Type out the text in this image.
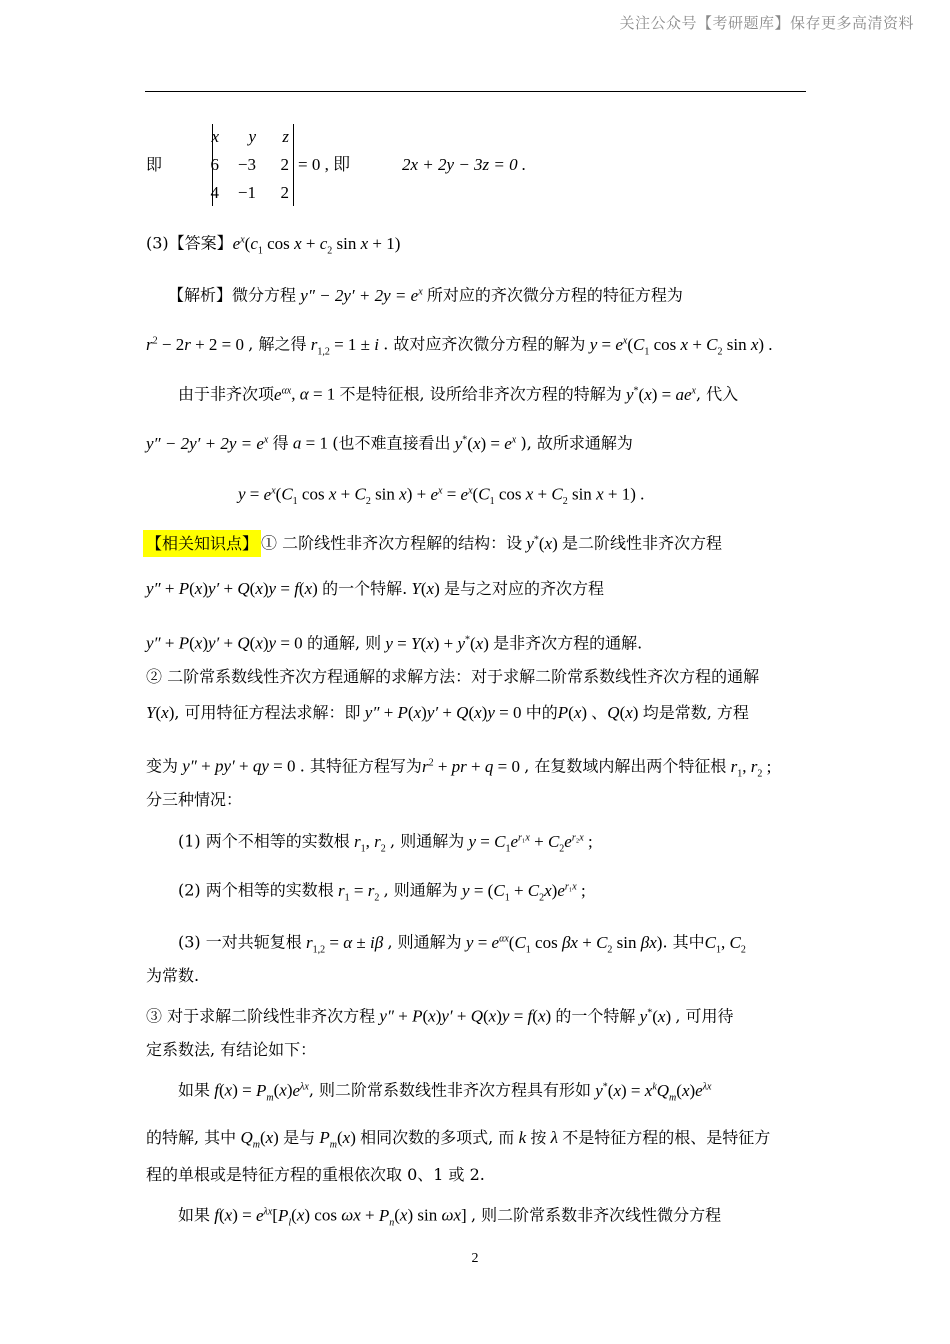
关注公众号【考研题库】保存更多高清资料
即
x	y	z
6 −3	2
4 −1	2
= 0 , 即	2x + 2y − 3z = 0 .
(3)【答案】$e^x(c_1$ $\cos x + c_2$ sin x + 1)
【解析】微分方程 $y'' - 2y' + 2y = e^x$ 所对应的齐次微分方程的特征方程为
$r^2 - 2r + 2 = 0$ , 解之得 $r_{1,2} = 1 \pm i$ . 故对应齐次微分方程的解为 $y = e^x(C_1$ $\cos x + C_2$ sin x) .
由于非齐次项$e^{\alpha x}$, α = 1 不是特征根, 设所给非齐次方程的特解为 $y^*(x) = ae^x$, 代入
$y'' - 2y' + 2y = e^x$ 得 a = 1 (也不难直接看出 $y^*(x) = e^x$ ), 故所求通解为
$y = e^x(C_1$ $\cos x + C_2$ $\sin x) + e^x = e^x(C_1$ $\cos x + C_2$ sin x + 1) .
【相关知识点】 ① 二阶线性非齐次方程解的结构：设 y*(x) 是二阶线性非齐次方程
y″ + P(x)y′ + Q(x)y = f(x) 的一个特解. Y(x) 是与之对应的齐次方程
y″ + P(x)y′ + Q(x)y = 0 的通解, 则 y = Y(x) + y*(x) 是非齐次方程的通解.
② 二阶常系数线性齐次方程通解的求解方法：对于求解二阶常系数线性齐次方程的通解
Y(x), 可用特征方程法求解：即 y″ + P(x)y′ + Q(x)y = 0 中的P(x) 、Q(x) 均是常数, 方程
变为 y″ + py′ + qy = 0 . 其特征方程写为$r^2$ + pr + q = 0 , 在复数域内解出两个特征根 $r_1$, $r_2$ ;
分三种情况：
(1) 两个不相等的实数根 $r_1$, $r_2$ , 则通解为 $y = C_1e^{r_1x} + C_2e^{r_2x}$ ;
(2) 两个相等的实数根 $r_1 = r_2$ , 则通解为 $y = (C_1 + C_2x)e^{r_1x}$ ;
(3) 一对共轭复根 $r_{1,2} = \alpha \pm i\beta$ , 则通解为 $y = e^{\alpha x}(C_1$ $\cos \beta x + C_2$ sin βx). 其中$C_1$, $C_2$
为常数.
③ 对于求解二阶线性非齐次方程 y″ + P(x)y′ + Q(x)y = f(x) 的一个特解 y*(x) , 可用待
定系数法, 有结论如下：
如果 $f(x) = P_m(x)e^{\lambda x}$, 则二阶常系数线性非齐次方程具有形如 $y^*(x) = x^kQ_m(x)e^{\lambda x}$
的特解, 其中 $Q_m(x)$ 是与 $P_m(x)$ 相同次数的多项式, 而 k 按 λ 不是特征方程的根、是特征方
程的单根或是特征方程的重根依次取 0、1 或 2.
如果 $f(x) = e^{\lambda x}[P_l(x)$ $\cos \omega x + P_n(x)$ sin ωx] , 则二阶常系数非齐次线性微分方程
2
